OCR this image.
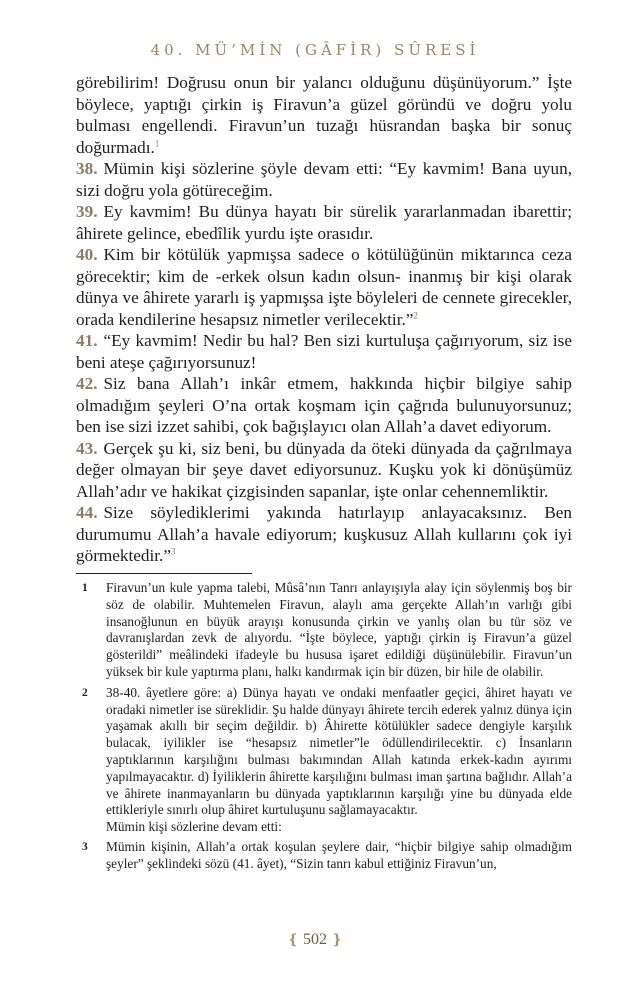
40. MÜ’MİN (GÂFİR) SÛRESİ

görebilirim! Doğrusu onun bir yalancı olduğunu düşünüyorum.” İşte böylece, yaptığı çirkin iş Firavun’a güzel göründü ve doğru yolu bulması engellendi. Firavun’un tuzağı hüsrandan başka bir sonuç doğurmadı.$^1$

38. Mümin kişi sözlerine şöyle devam etti: “Ey kavmim! Bana uyun, sizi doğru yola götüreceğim.

39. Ey kavmim! Bu dünya hayatı bir sürelik yararlanmadan ibarettir; âhirete gelince, ebedîlik yurdu işte orasıdır.

40. Kim bir kötülük yapmışsa sadece o kötülüğünün miktarınca ceza görecektir; kim de -erkek olsun kadın olsun- inanmış bir kişi olarak dünya ve âhirete yararlı iş yapmışsa işte böyleleri de cennete girecekler, orada kendilerine hesapsız nimetler verilecektir.”$^2$

41. “Ey kavmim! Nedir bu hal? Ben sizi kurtuluşa çağırıyorum, siz ise beni ateşe çağırıyorsunuz!

42. Siz bana Allah’ı inkâr etmem, hakkında hiçbir bilgiye sahip olmadığım şeyleri O’na ortak koşmam için çağrıda bulunuyorsunuz; ben ise sizi izzet sahibi, çok bağışlayıcı olan Allah’a davet ediyorum.

43. Gerçek şu ki, siz beni, bu dünyada da öteki dünyada da çağrılmaya değer olmayan bir şeye davet ediyorsunuz. Kuşku yok ki dönüşümüz Allah’adır ve hakikat çizgisinden sapanlar, işte onlar cehennemliktir.

44. Size söylediklerimi yakında hatırlayıp anlayacaksınız. Ben durumumu Allah’a havale ediyorum; kuşkusuz Allah kullarını çok iyi görmektedir.”$^3$

1	Firavun’un kule yapma talebi, Mûsâ’nın Tanrı anlayışıyla alay için söylenmiş boş bir söz de olabilir. Muhtemelen Firavun, alaylı ama gerçekte Allah’ın varlığı gibi insanoğlunun en büyük arayışı konusunda çirkin ve yanlış olan bu tür söz ve davranışlardan zevk de alıyordu. “İşte böylece, yaptığı çirkin iş Firavun’a güzel gösterildi” meâlindeki ifadeyle bu hususa işaret edildiği düşünülebilir. Firavun’un yüksek bir kule yaptırma planı, halkı kandırmak için bir düzen, bir hile de olabilir.
2	38-40. âyetlere göre: a) Dünya hayatı ve ondaki menfaatler geçici, âhiret hayatı ve oradaki nimetler ise süreklidir. Şu halde dünyayı âhirete tercih ederek yalnız dünya için yaşamak akıllı bir seçim değildir. b) Âhirette kötülükler sadece dengiyle karşılık bulacak, iyilikler ise “hesapsız nimetler”le ödüllendirilecektir. c) İnsanların yaptıklarının karşılığını bulması bakımından Allah katında erkek-kadın ayırımı yapılmayacaktır. d) İyiliklerin âhirette karşılığını bulması iman şartına bağlıdır. Allah’a ve âhirete inanmayanların bu dünyada yaptıklarının karşılığı yine bu dünyada elde ettikleriyle sınırlı olup âhiret kurtuluşunu sağlamayacaktır.
Mümin kişi sözlerine devam etti:
3	Mümin kişinin, Allah’a ortak koşulan şeylere dair, “hiçbir bilgiye sahip olmadığım şeyler” şeklindeki sözü (41. âyet), “Sizin tanrı kabul ettiğiniz Firavun’un,
❴ 502 ❵
